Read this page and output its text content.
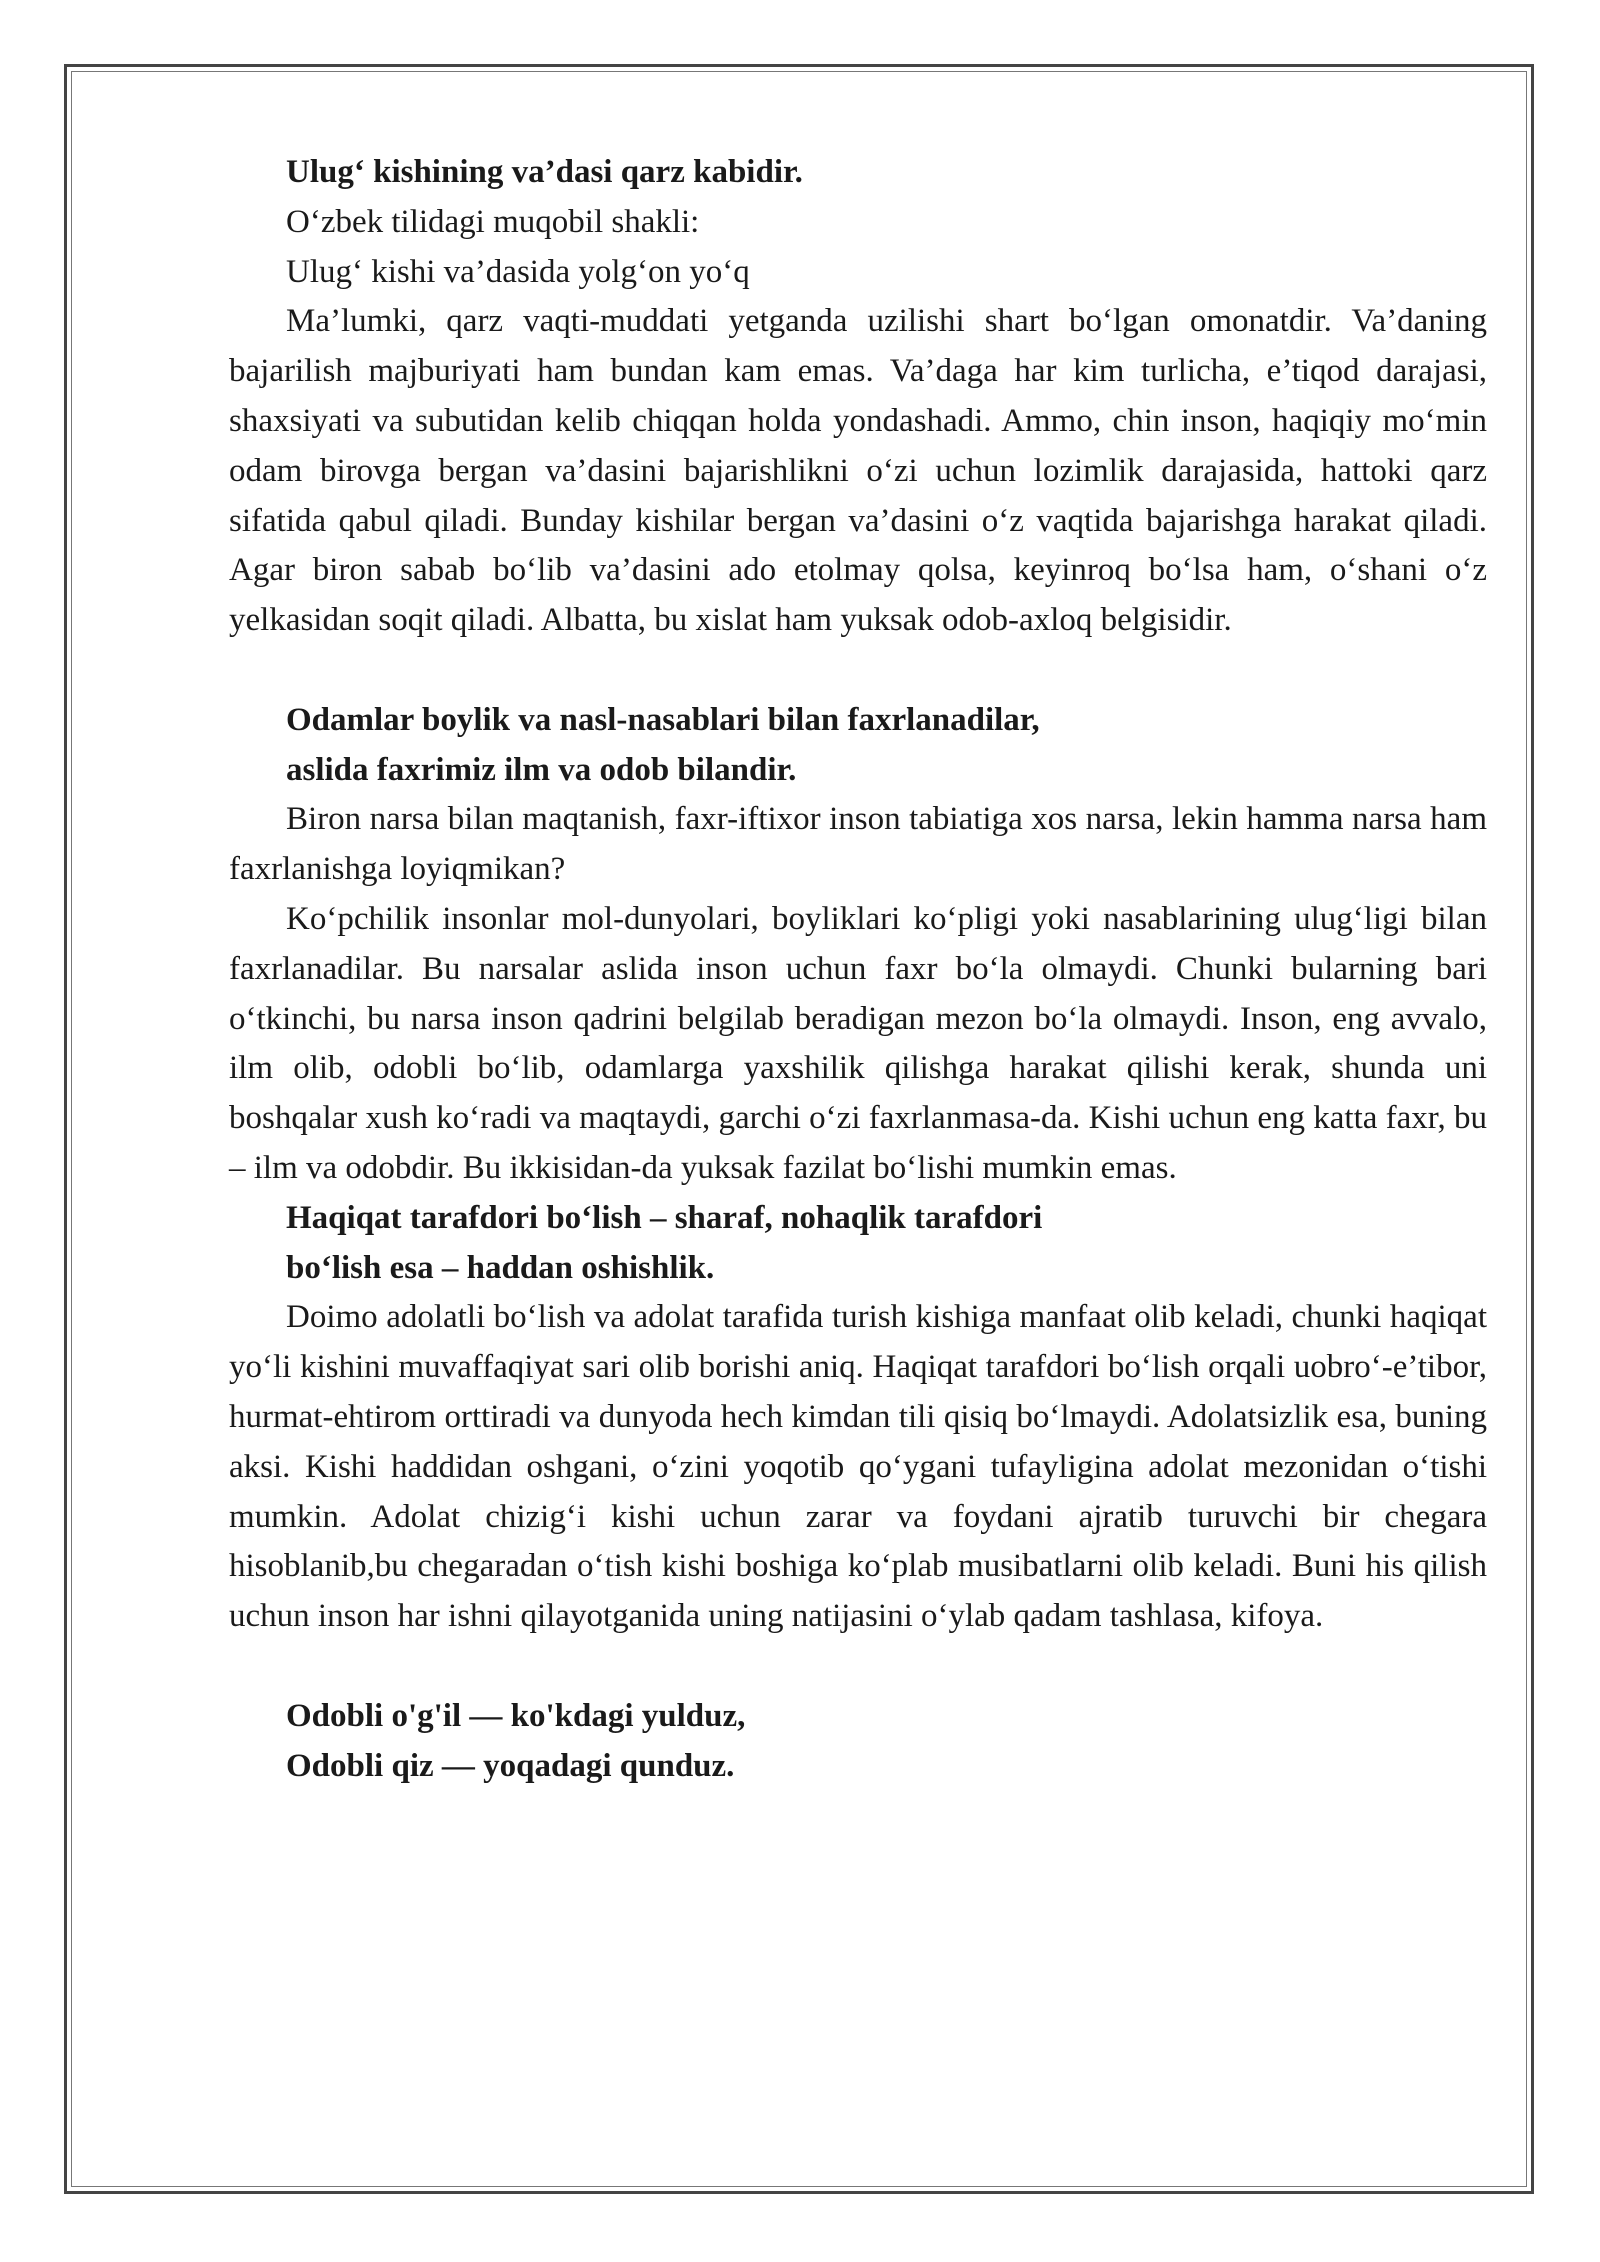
Ulug‘ kishining va’dasi qarz kabidir.

O‘zbek tilidagi muqobil shakli:

Ulug‘ kishi va’dasida yolg‘on yo‘q

Ma’lumki, qarz vaqti-muddati yetganda uzilishi shart bo‘lgan omonatdir. Va’daning bajarilish majburiyati ham bundan kam emas. Va’daga har kim turlicha, e’tiqod darajasi, shaxsiyati va subutidan kelib chiqqan holda yondashadi. Ammo, chin inson, haqiqiy mo‘min odam birovga bergan va’dasini bajarishlikni o‘zi uchun lozimlik darajasida, hattoki qarz sifatida qabul qiladi. Bunday kishilar bergan va’dasini o‘z vaqtida bajarishga harakat qiladi. Agar biron sabab bo‘lib va’dasini ado etolmay qolsa, keyinroq bo‘lsa ham, o‘shani o‘z yelkasidan soqit qiladi. Albatta, bu xislat ham yuksak odob-axloq belgisidir.

Odamlar boylik va nasl-nasablari bilan faxrlanadilar,

aslida faxrimiz ilm va odob bilandir.

Biron narsa bilan maqtanish, faxr-iftixor inson tabiatiga xos narsa, lekin hamma narsa ham faxrlanishga loyiqmikan?

Ko‘pchilik insonlar mol-dunyolari, boyliklari ko‘pligi yoki nasablarining ulug‘ligi bilan faxrlanadilar. Bu narsalar aslida inson uchun faxr bo‘la olmaydi. Chunki bularning bari o‘tkinchi, bu narsa inson qadrini belgilab beradigan mezon bo‘la olmaydi. Inson, eng avvalo, ilm olib, odobli bo‘lib, odamlarga yaxshilik qilishga harakat qilishi kerak, shunda uni boshqalar xush ko‘radi va maqtaydi, garchi o‘zi faxrlanmasa-da. Kishi uchun eng katta faxr, bu – ilm va odobdir. Bu ikkisidan-da yuksak fazilat bo‘lishi mumkin emas.

Haqiqat tarafdori bo‘lish – sharaf, nohaqlik tarafdori

bo‘lish esa – haddan oshishlik.

Doimo adolatli bo‘lish va adolat tarafida turish kishiga manfaat olib keladi, chunki haqiqat yo‘li kishini muvaffaqiyat sari olib borishi aniq. Haqiqat tarafdori bo‘lish orqali uobro‘-e’tibor, hurmat-ehtirom orttiradi va dunyoda hech kimdan tili qisiq bo‘lmaydi. Adolatsizlik esa, buning aksi. Kishi haddidan oshgani, o‘zini yoqotib qo‘ygani tufayligina adolat mezonidan o‘tishi mumkin. Adolat chizig‘i kishi uchun zarar va foydani ajratib turuvchi bir chegara hisoblanib,bu chegaradan o‘tish kishi boshiga ko‘plab musibatlarni olib keladi. Buni his qilish uchun inson har ishni qilayotganida uning natijasini o‘ylab qadam tashlasa, kifoya.

Odobli o'g'il — ko'kdagi yulduz,

Odobli qiz — yoqadagi qunduz.
